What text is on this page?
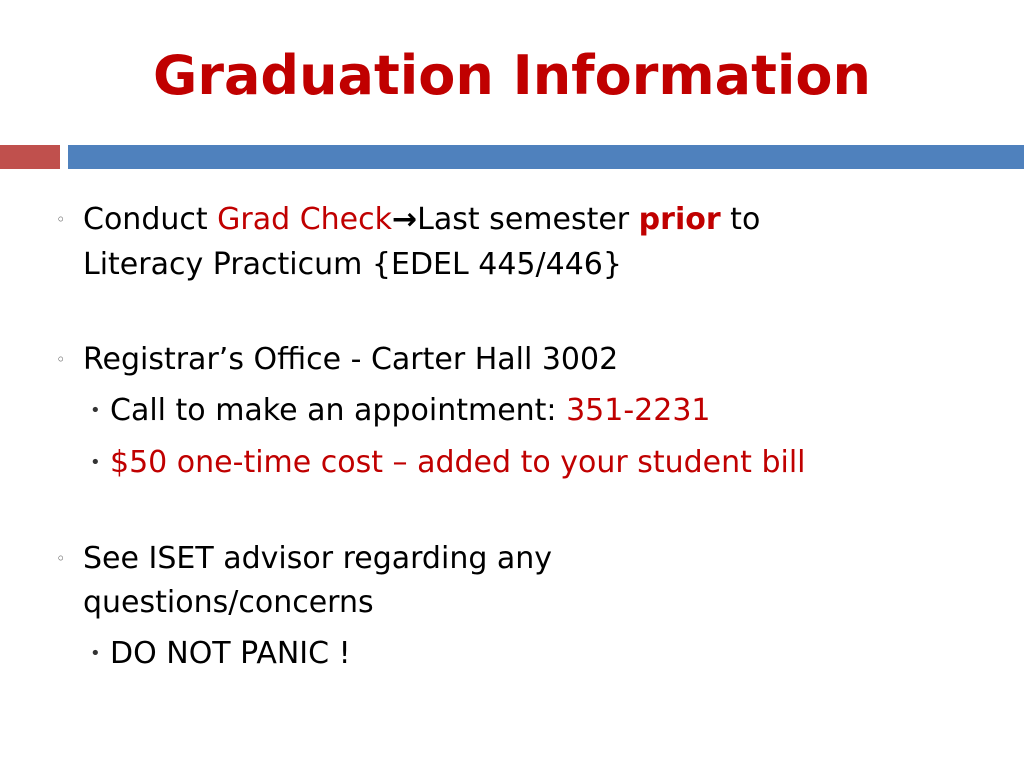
Graduation Information
◦ Conduct Grad Check→Last semester prior to
Literacy Practicum {EDEL 445/446}
◦ Registrar’s Office - Carter Hall 3002
• Call to make an appointment: 351-2231
• $50 one-time cost – added to your student bill
◦ See ISET advisor regarding any
questions/concerns
• DO NOT PANIC !
